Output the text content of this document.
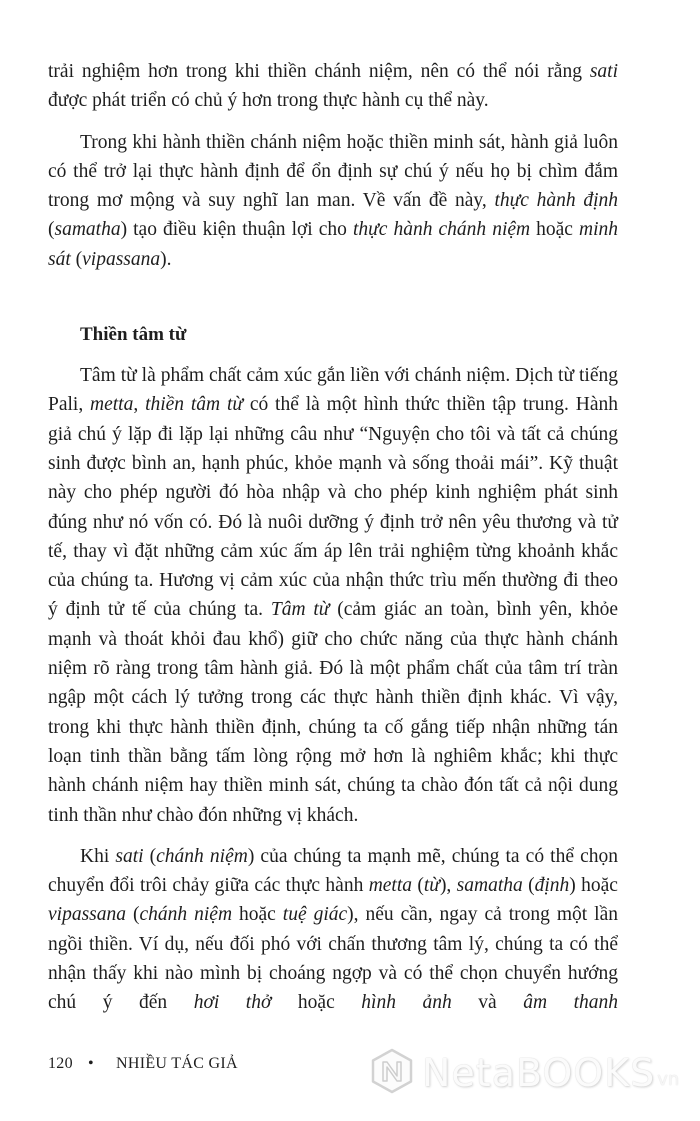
trải nghiệm hơn trong khi thiền chánh niệm, nên có thể nói rằng sati được phát triển có chủ ý hơn trong thực hành cụ thể này.

Trong khi hành thiền chánh niệm hoặc thiền minh sát, hành giả luôn có thể trở lại thực hành định để ổn định sự chú ý nếu họ bị chìm đắm trong mơ mộng và suy nghĩ lan man. Về vấn đề này, thực hành định (samatha) tạo điều kiện thuận lợi cho thực hành chánh niệm hoặc minh sát (vipassana).

Thiền tâm từ

Tâm từ là phẩm chất cảm xúc gắn liền với chánh niệm. Dịch từ tiếng Pali, metta, thiền tâm từ có thể là một hình thức thiền tập trung. Hành giả chú ý lặp đi lặp lại những câu như “Nguyện cho tôi và tất cả chúng sinh được bình an, hạnh phúc, khỏe mạnh và sống thoải mái”. Kỹ thuật này cho phép người đó hòa nhập và cho phép kinh nghiệm phát sinh đúng như nó vốn có. Đó là nuôi dưỡng ý định trở nên yêu thương và tử tế, thay vì đặt những cảm xúc ấm áp lên trải nghiệm từng khoảnh khắc của chúng ta. Hương vị cảm xúc của nhận thức trìu mến thường đi theo ý định tử tế của chúng ta. Tâm từ (cảm giác an toàn, bình yên, khỏe mạnh và thoát khỏi đau khổ) giữ cho chức năng của thực hành chánh niệm rõ ràng trong tâm hành giả. Đó là một phẩm chất của tâm trí tràn ngập một cách lý tưởng trong các thực hành thiền định khác. Vì vậy, trong khi thực hành thiền định, chúng ta cố gắng tiếp nhận những tán loạn tinh thần bằng tấm lòng rộng mở hơn là nghiêm khắc; khi thực hành chánh niệm hay thiền minh sát, chúng ta chào đón tất cả nội dung tinh thần như chào đón những vị khách.

Khi sati (chánh niệm) của chúng ta mạnh mẽ, chúng ta có thể chọn chuyển đổi trôi chảy giữa các thực hành metta (từ), samatha (định) hoặc vipassana (chánh niệm hoặc tuệ giác), nếu cần, ngay cả trong một lần ngồi thiền. Ví dụ, nếu đối phó với chấn thương tâm lý, chúng ta có thể nhận thấy khi nào mình bị choáng ngợp và có thể chọn chuyển hướng chú ý đến hơi thở hoặc hình ảnh và âm thanh

120 • NHIỀU TÁC GIẢ	NetaBOOKS vn
